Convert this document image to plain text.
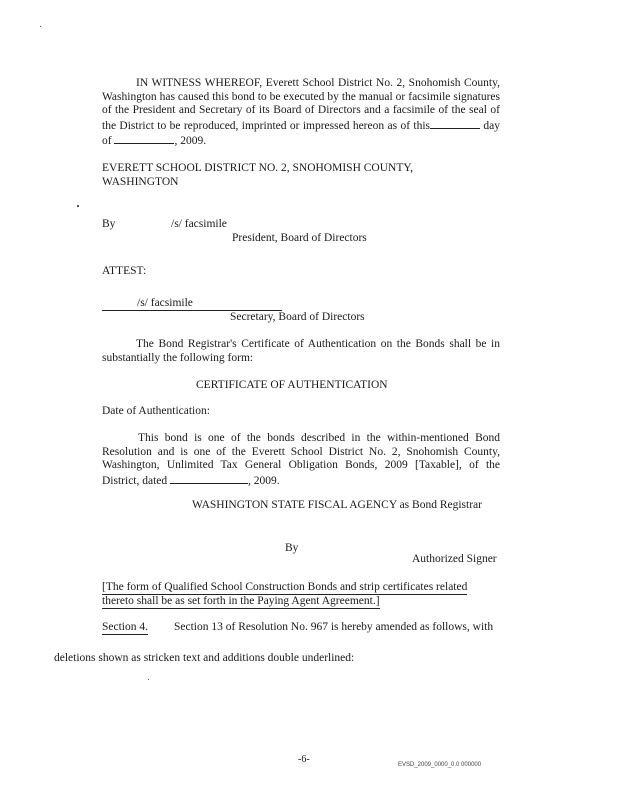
IN WITNESS WHEREOF, Everett School District No. 2, Snohomish County, Washington has caused this bond to be executed by the manual or facsimile signatures of the President and Secretary of its Board of Directors and a facsimile of the seal of the District to be reproduced, imprinted or impressed hereon as of this	day of	, 2009.
EVERETT SCHOOL DISTRICT NO. 2, SNOHOMISH COUNTY,
WASHINGTON
By	/s/ facsimile
President, Board of Directors
ATTEST:
/s/ facsimile
Secretary, Board of Directors
The Bond Registrar's Certificate of Authentication on the Bonds shall be in substantially the following form:
CERTIFICATE OF AUTHENTICATION
Date of Authentication:
This bond is one of the bonds described in the within-mentioned Bond Resolution and is one of the Everett School District No. 2, Snohomish County, Washington, Unlimited Tax General Obligation Bonds, 2009 [Taxable], of the District, dated	, 2009.
WASHINGTON STATE FISCAL AGENCY as Bond Registrar
By
Authorized Signer
[The form of Qualified School Construction Bonds and strip certificates related
thereto shall be as set forth in the Paying Agent Agreement.]
Section 4. Section 13 of Resolution No. 967 is hereby amended as follows, with
deletions shown as stricken text and additions double underlined:
-6-	EVSD_2009_0000_0.0 000000
